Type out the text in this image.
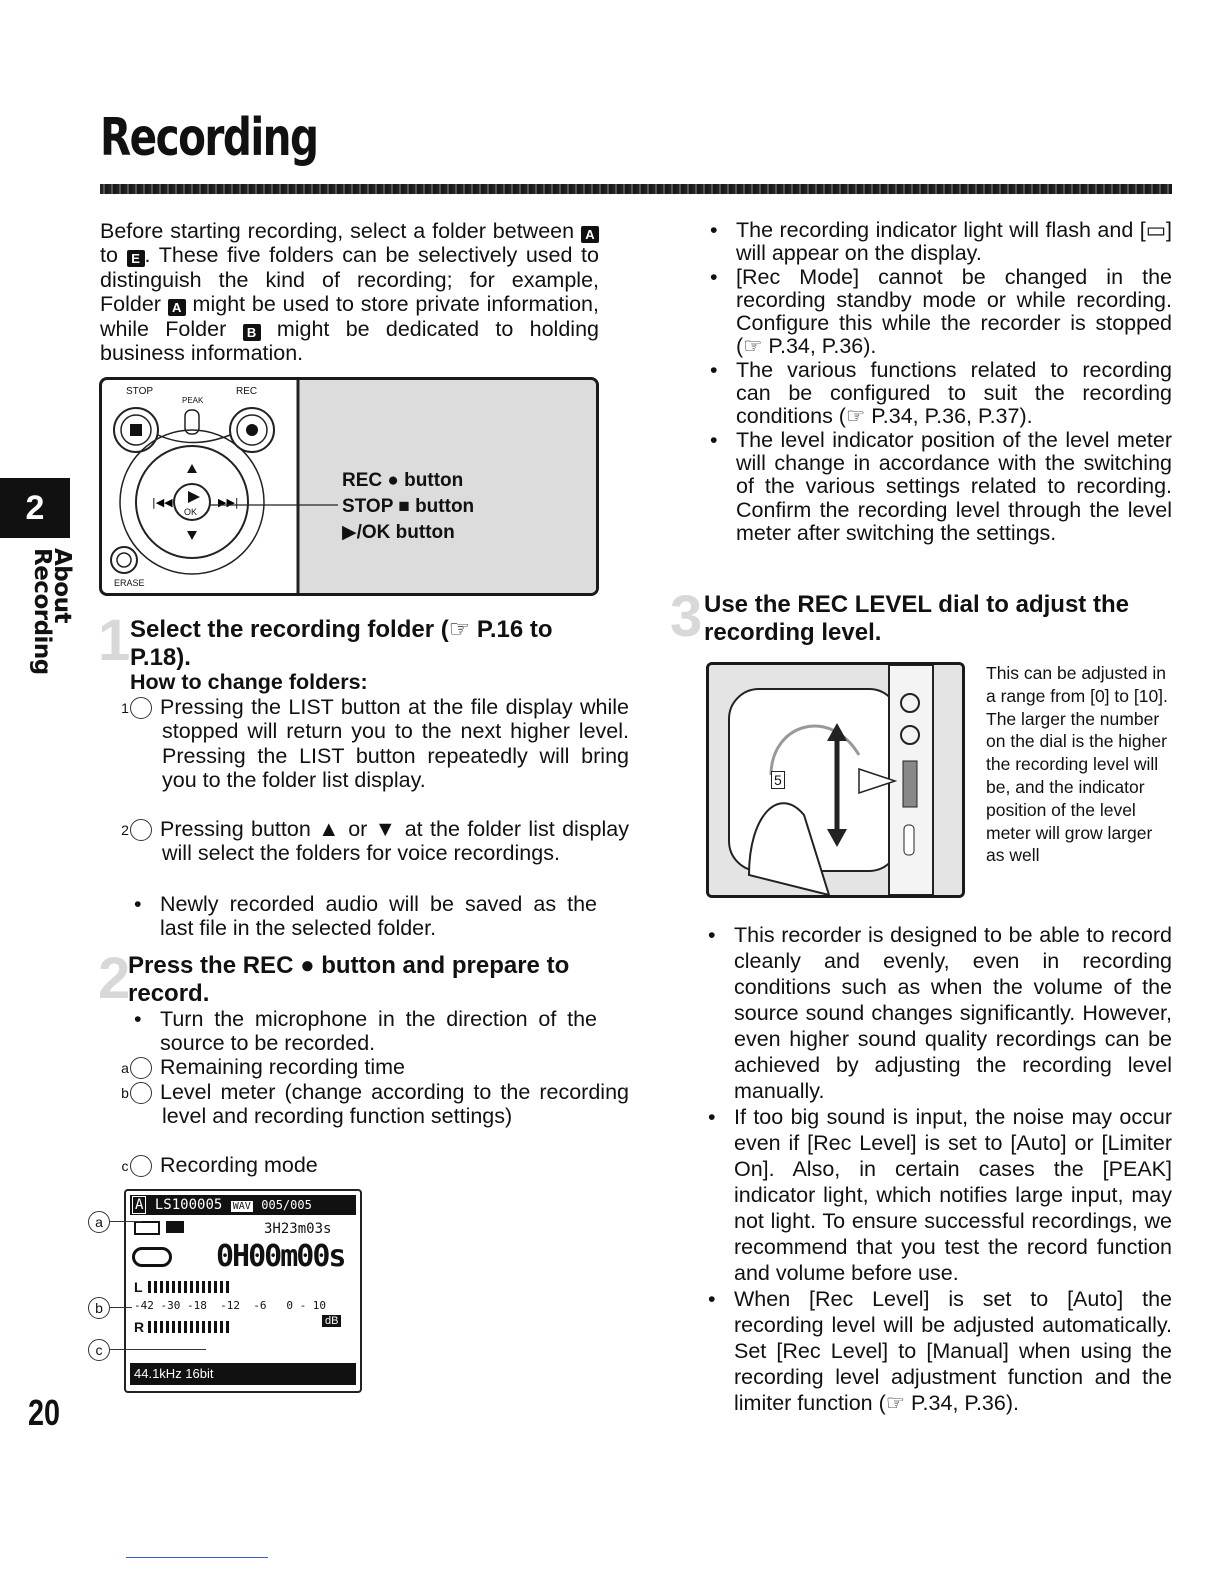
Recording
2
About Recording
Before starting recording, select a folder between A to E . These five folders can be selectively used to distinguish the kind of recording; for example, Folder A might be used to store private information, while Folder B might be dedicated to holding business information.
|◀◀	▶▶|
STOP
PEAK
REC
ERASE
OK
REC ● button
STOP ■ button
▶/OK button
1 Select the recording folder (☞ P.16 to P.18).
How to change folders:
1 Pressing the LIST button at the file display while stopped will return you to the next higher level. Pressing the LIST button repeatedly will bring you to the folder list display.
2 Pressing button ▲ or ▼ at the folder list display will select the folders for voice recordings.
• Newly recorded audio will be saved as the last file in the selected folder.
2
Press the REC ● button and prepare to record.
• Turn the microphone in the direction of the source to be recorded.
a Remaining recording time
b Level meter (change according to the recording level and recording function settings)
c Recording mode
A LS100005 WAV 005/005
3H23m03s
0H00m00s
L
-42 -30 -18  -12  -6   0 - 10
R	dB
44.1kHz 16bit
a
b
c
• The recording indicator light will flash and [▭] will appear on the display.
• [Rec Mode] cannot be changed in the recording standby mode or while recording. Configure this while the recorder is stopped (☞ P.34, P.36).
• The various functions related to recording can be configured to suit the recording conditions (☞ P.34, P.36, P.37).
• The level indicator position of the level meter will change in accordance with the switching of the various settings related to recording. Confirm the recording level through the level meter after switching the settings.
3 Use the REC LEVEL dial to adjust the recording level.
5
This can be adjusted in a range from [0] to [10]. The larger the number on the dial is the higher the recording level will be, and the indicator position of the level meter will grow larger as well
• This recorder is designed to be able to record cleanly and evenly, even in recording conditions such as when the volume of the source sound changes significantly. However, even higher sound quality recordings can be achieved by adjusting the recording level manually.
• If too big sound is input, the noise may occur even if [Rec Level] is set to [Auto] or [Limiter On]. Also, in certain cases the [PEAK] indicator light, which notifies large input, may not light. To ensure successful recordings, we recommend that you test the record function and volume before use.
• When [Rec Level] is set to [Auto] the recording level will be adjusted automatically. Set [Rec Level] to [Manual] when using the recording level adjustment function and the limiter function (☞ P.34, P.36).
20
